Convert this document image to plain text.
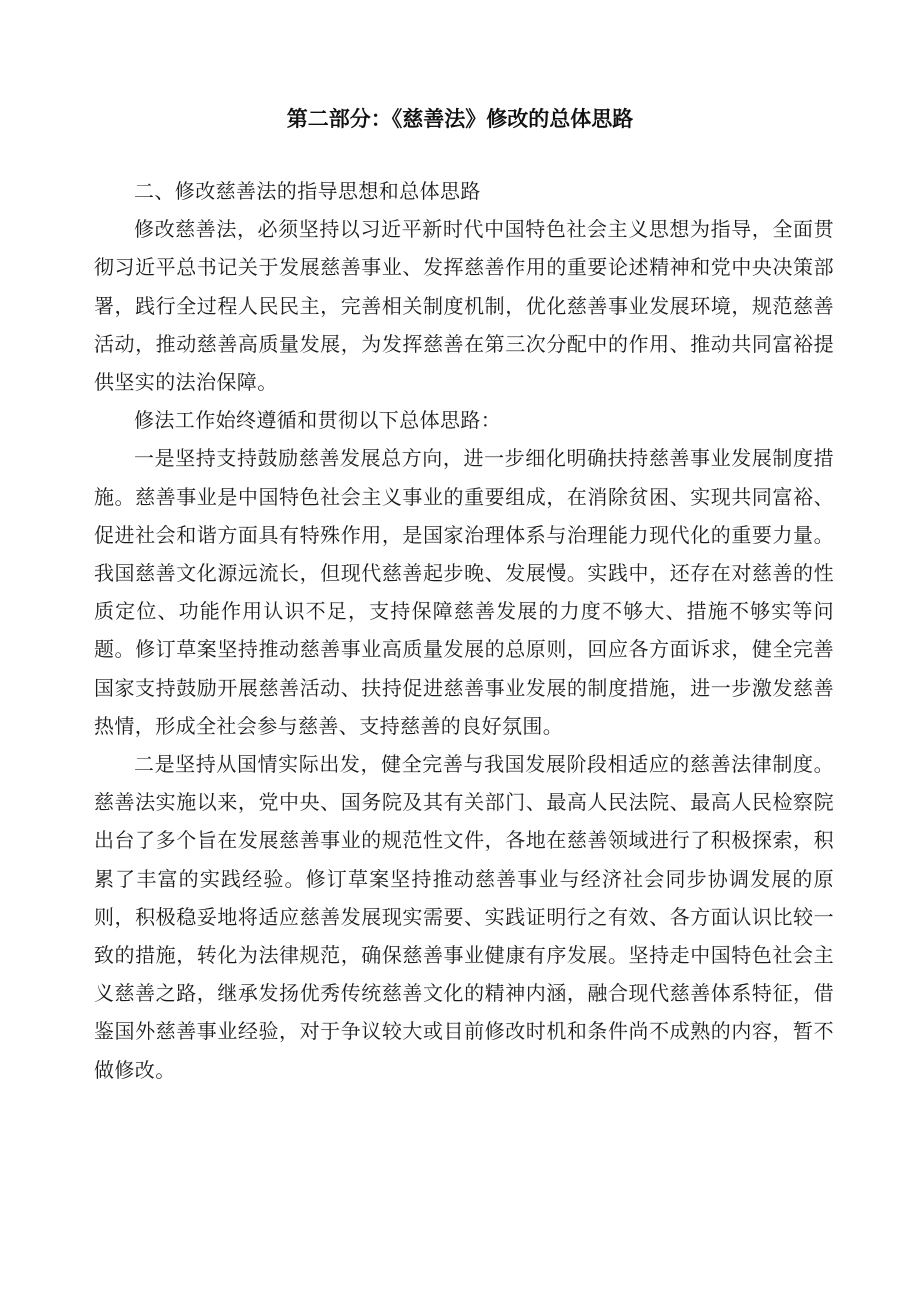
第二部分：《慈善法》修改的总体思路

二、修改慈善法的指导思想和总体思路

修改慈善法，必须坚持以习近平新时代中国特色社会主义思想为指导，全面贯彻习近平总书记关于发展慈善事业、发挥慈善作用的重要论述精神和党中央决策部署，践行全过程人民民主，完善相关制度机制，优化慈善事业发展环境，规范慈善活动，推动慈善高质量发展，为发挥慈善在第三次分配中的作用、推动共同富裕提供坚实的法治保障。

修法工作始终遵循和贯彻以下总体思路：

一是坚持支持鼓励慈善发展总方向，进一步细化明确扶持慈善事业发展制度措施。慈善事业是中国特色社会主义事业的重要组成，在消除贫困、实现共同富裕、促进社会和谐方面具有特殊作用，是国家治理体系与治理能力现代化的重要力量。我国慈善文化源远流长，但现代慈善起步晚、发展慢。实践中，还存在对慈善的性质定位、功能作用认识不足，支持保障慈善发展的力度不够大、措施不够实等问题。修订草案坚持推动慈善事业高质量发展的总原则，回应各方面诉求，健全完善国家支持鼓励开展慈善活动、扶持促进慈善事业发展的制度措施，进一步激发慈善热情，形成全社会参与慈善、支持慈善的良好氛围。

二是坚持从国情实际出发，健全完善与我国发展阶段相适应的慈善法律制度。慈善法实施以来，党中央、国务院及其有关部门、最高人民法院、最高人民检察院出台了多个旨在发展慈善事业的规范性文件，各地在慈善领域进行了积极探索，积累了丰富的实践经验。修订草案坚持推动慈善事业与经济社会同步协调发展的原则，积极稳妥地将适应慈善发展现实需要、实践证明行之有效、各方面认识比较一致的措施，转化为法律规范，确保慈善事业健康有序发展。坚持走中国特色社会主义慈善之路，继承发扬优秀传统慈善文化的精神内涵，融合现代慈善体系特征，借鉴国外慈善事业经验，对于争议较大或目前修改时机和条件尚不成熟的内容，暂不做修改。
